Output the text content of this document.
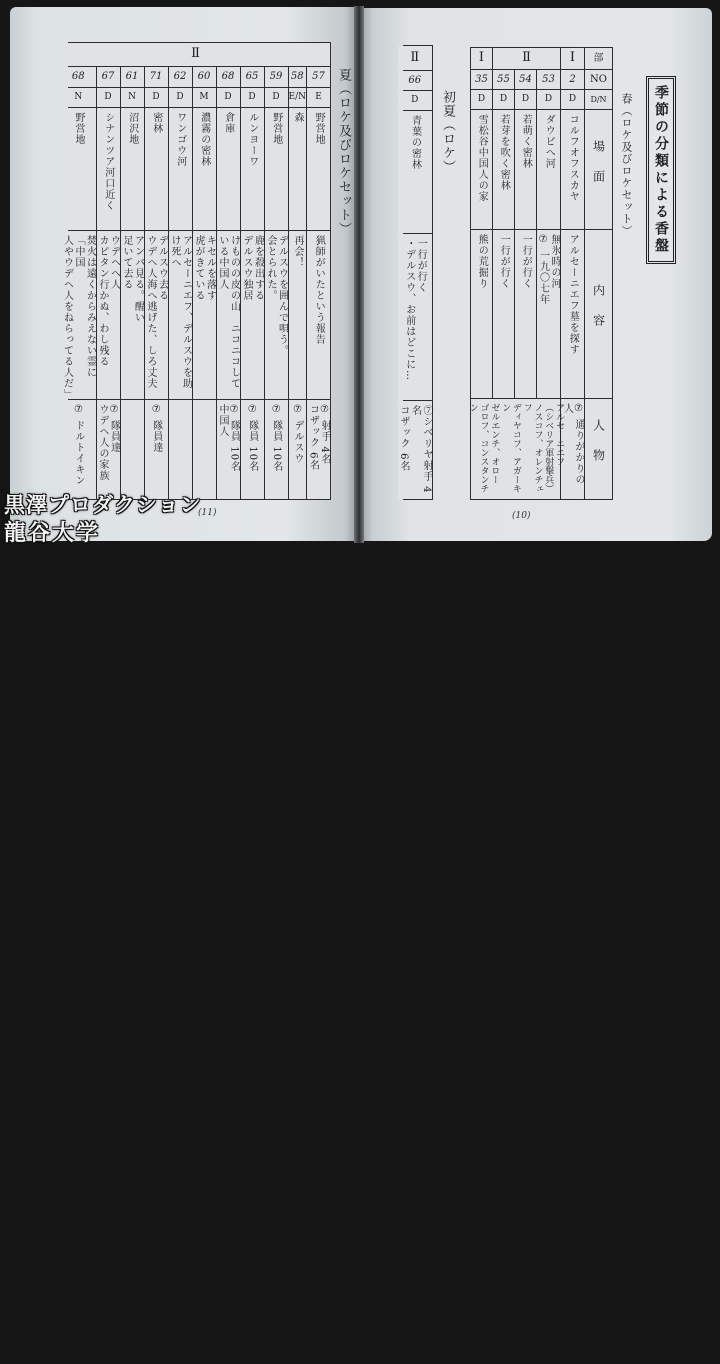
Ⅱ
57
E
野営地
猟師がいたという報告
⑦ 射手 4名
コザック 6名
58
E/N
森
再会！
⑦ デルスウ
59
D
野営地
デルスウを囲んで唄う。
会とられた。
⑦ 隊員 10名
65
D
ルンヨーワ
鹿を殺出する
デルスウ独居
⑦ 隊員 10名
68
D
倉庫
けものの皮の山　ニコニコしている中国人
⑦ 隊員 10名
中国人
60
M
濃霧の密林
キセルを落す
虎がきている
62
D
ワンゴウ河
アルセーニエフ、デルスウを助け死へ
71
D
密林
デルスウ去る
ウデヘ人海へ逃げた、しろ丈夫
⑦ 隊員達
61
N
沼沢地
アンバ見る。醒い
足いて去る
67
D
シナンツア河口近く
ウデヘへ人
カピタン行かぬ、わし残る
⑦ 隊員達
ウデヘ人の家族
68
N
野営地
焚火は遠くからみえない霊に「中国
人やウデヘ人をねらってる人だ」
⑦ ドルトイキン
夏（ロケ及びロケセット）
(11)
季節の分類による香盤
春（ロケ及びロケセット）
部
NO
D/N
場面
内容
人物
Ⅰ
Ⅱ
Ⅰ
2
D
コルフオフスカヤ
アルセーニエフ墓を探す
⑦ 通りがかりの人
53
D
ダウビへ河
無氷時の河
⑦ 一九〇七年
54
D
若萌く密林
一行が行く
55
D
若芽を吹く密林
一行が行く
35
D
雪松谷中国人の家
熊の荒掘り
アルセーニエフ
（シベリア軍射撃兵）
ノスコフ、オレンチェフ
ディヤコフ、アガーキン
ゼルエンチ、オロー
ゴロフ、コンスタンチン
初夏（ロケ）
Ⅱ
66
D
青葉の密林
一行が行く
・デルスウ、お前はどこに…
⑦シベリヤ射手 4名
コザック 6名
(10)
黒澤プロダクション
龍谷大学
